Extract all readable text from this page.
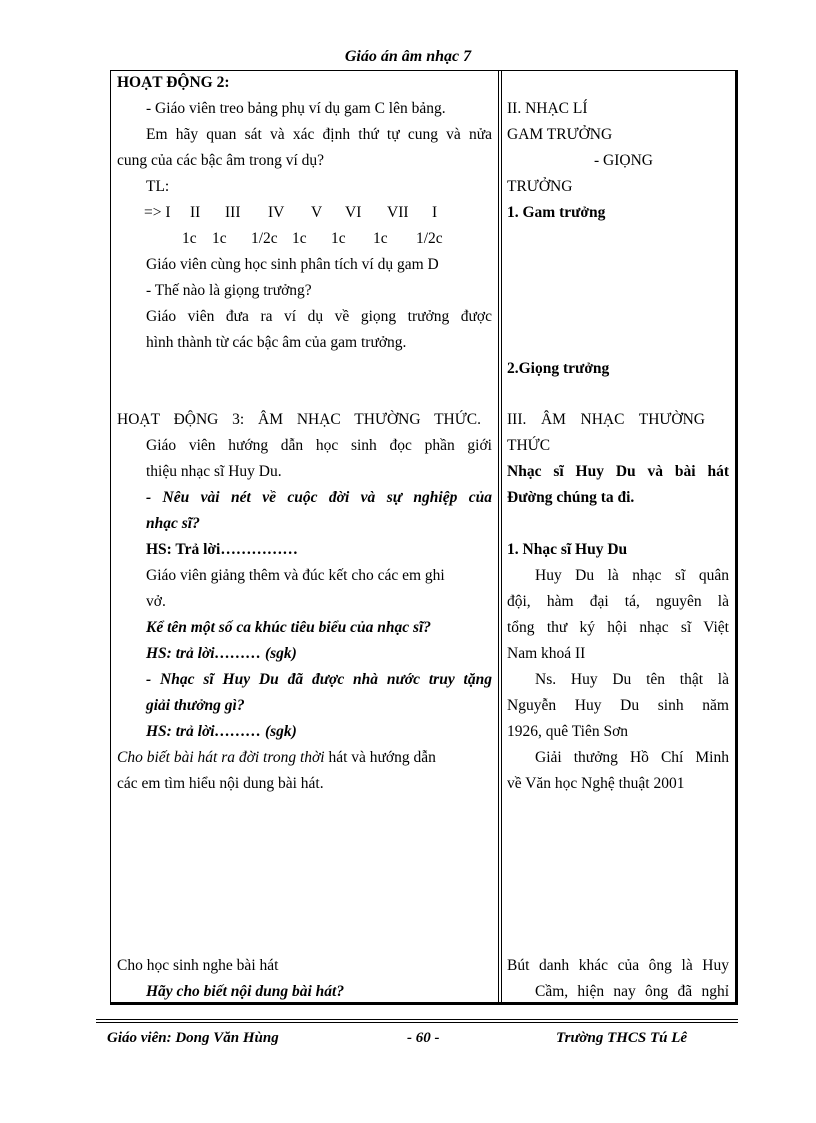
Giáo án âm nhạc 7
HOẠT ĐỘNG 2:
- Giáo viên treo bảng phụ ví dụ gam C lên bảng.
Em hãy quan sát và xác định thứ tự cung và nửa
cung của các bậc âm trong ví dụ?
TL:
=> I II III IV V VI VII I
1c 1c 1/2c 1c 1c 1c 1/2c
Giáo viên cùng học sinh phân tích ví dụ gam D
- Thế nào là giọng trưởng?
Giáo viên đưa ra ví dụ về giọng trưởng được
hình thành từ các bậc âm của gam trưởng.
HOẠT ĐỘNG 3: ÂM NHẠC THƯỜNG THỨC.
Giáo viên hướng dẫn học sinh đọc phần giới
thiệu nhạc sĩ Huy Du.
- Nêu vài nét về cuộc đời và sự nghiệp của
nhạc sĩ?
HS: Trả lời……………
Giáo viên giảng thêm và đúc kết cho các em ghi
vở.
Kể tên một số ca khúc tiêu biểu của nhạc sĩ?
HS: trả lời……… (sgk)
- Nhạc sĩ Huy Du đã được nhà nước truy tặng
giải thưởng gì?
HS: trả lời……… (sgk)
Cho biết bài hát ra đời trong thời hát và hướng dẫn
các em tìm hiểu nội dung bài hát.
Cho học sinh nghe bài hát
Hãy cho biết nội dung bài hát?
II. NHẠC LÍ
GAM TRƯỞNG
- GIỌNG
TRƯỞNG
1. Gam trưởng
2.Giọng trưởng
III. ÂM NHẠC THƯỜNG
THỨC
Nhạc sĩ Huy Du và bài hát
Đường chúng ta đi.
1. Nhạc sĩ Huy Du
Huy Du là nhạc sĩ quân
đội, hàm đại tá, nguyên là
tổng thư ký hội nhạc sĩ Việt
Nam khoá II
Ns. Huy Du tên thật là
Nguyễn Huy Du sinh năm
1926, quê Tiên Sơn
Giải thưởng Hồ Chí Minh
về Văn học Nghệ thuật 2001
Bút danh khác của ông là Huy
Cầm, hiện nay ông đã nghỉ
Giáo viên: Dong Văn Hùng	- 60 -	Trường THCS Tú Lê
